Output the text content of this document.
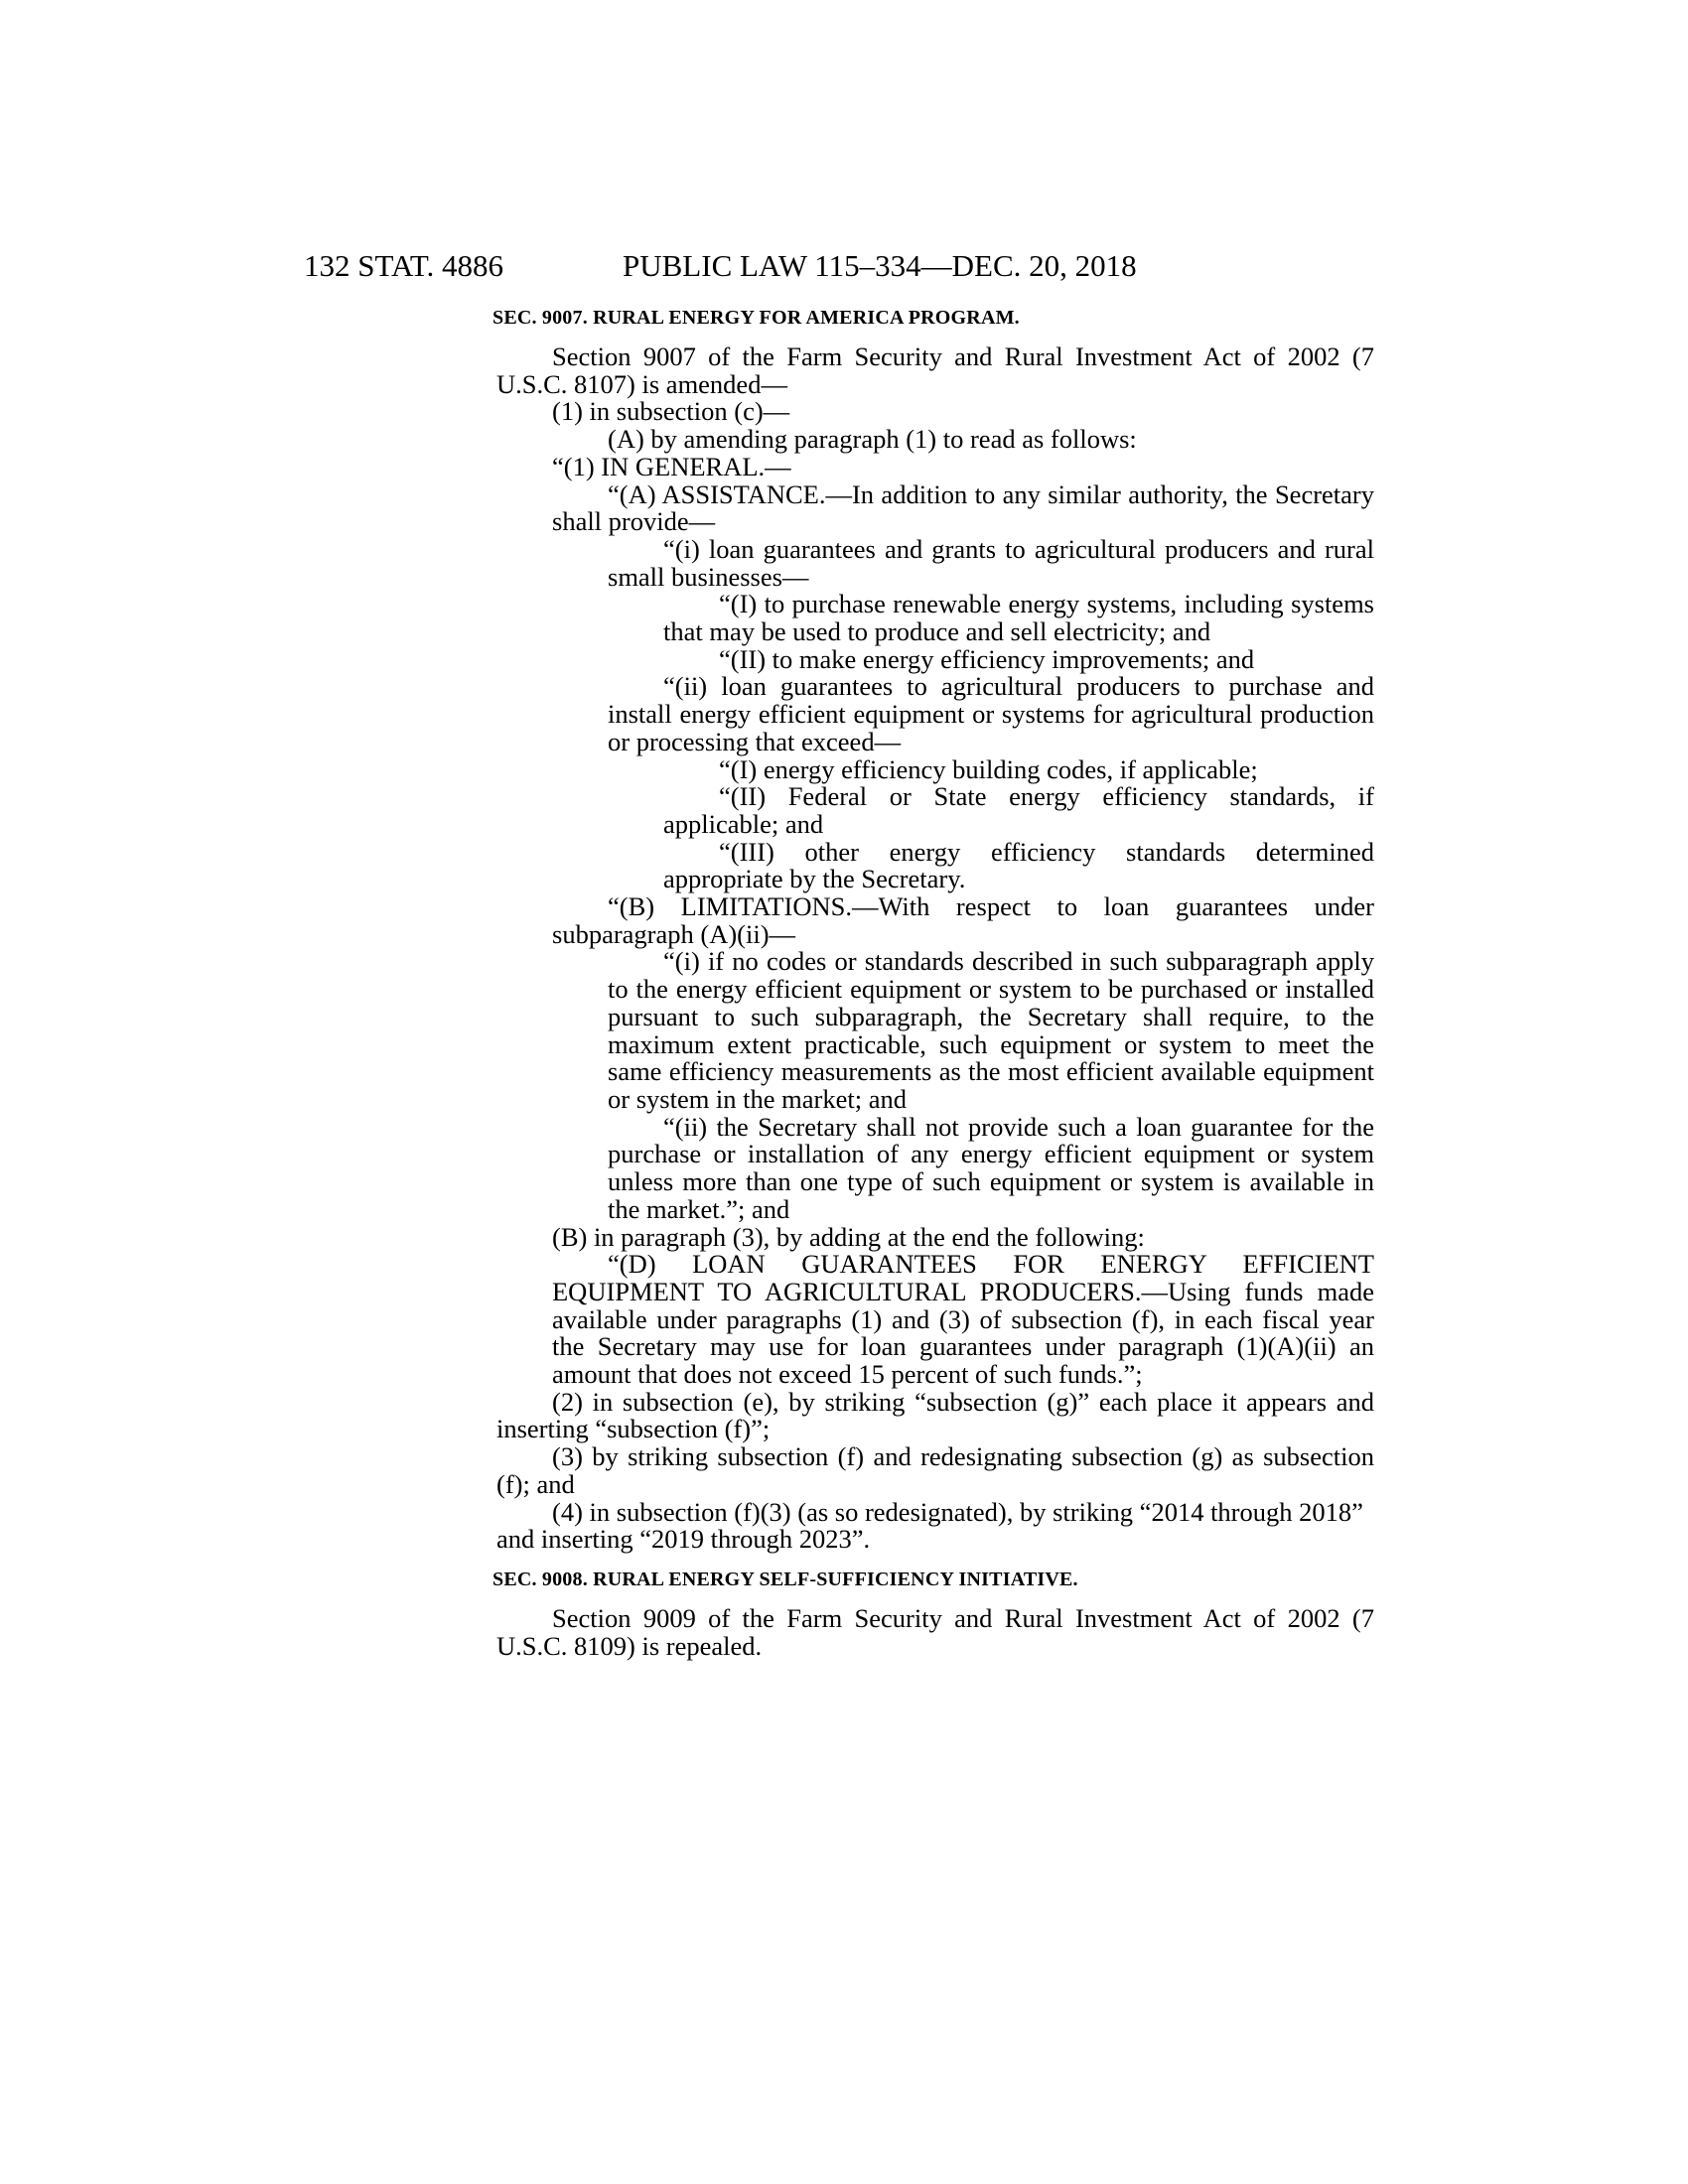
132 STAT. 4886	PUBLIC LAW 115–334—DEC. 20, 2018
SEC. 9007. RURAL ENERGY FOR AMERICA PROGRAM.

Section 9007 of the Farm Security and Rural Investment Act of 2002 (7 U.S.C. 8107) is amended—

(1) in subsection (c)—

(A) by amending paragraph (1) to read as follows:

“(1) IN GENERAL.—

“(A) ASSISTANCE.—In addition to any similar authority, the Secretary shall provide—

“(i) loan guarantees and grants to agricultural producers and rural small businesses—

“(I) to purchase renewable energy systems, including systems that may be used to produce and sell electricity; and

“(II) to make energy efficiency improvements; and

“(ii) loan guarantees to agricultural producers to purchase and install energy efficient equipment or systems for agricultural production or processing that exceed—

“(I) energy efficiency building codes, if applicable;

“(II) Federal or State energy efficiency standards, if applicable; and

“(III) other energy efficiency standards determined appropriate by the Secretary.

“(B) LIMITATIONS.—With respect to loan guarantees under subparagraph (A)(ii)—

“(i) if no codes or standards described in such subparagraph apply to the energy efficient equipment or system to be purchased or installed pursuant to such subparagraph, the Secretary shall require, to the maximum extent practicable, such equipment or system to meet the same efficiency measurements as the most efficient available equipment or system in the market; and

“(ii) the Secretary shall not provide such a loan guarantee for the purchase or installation of any energy efficient equipment or system unless more than one type of such equipment or system is available in the market.”; and

(B) in paragraph (3), by adding at the end the following:

“(D) LOAN GUARANTEES FOR ENERGY EFFICIENT EQUIPMENT TO AGRICULTURAL PRODUCERS.—Using funds made available under paragraphs (1) and (3) of subsection (f), in each fiscal year the Secretary may use for loan guarantees under paragraph (1)(A)(ii) an amount that does not exceed 15 percent of such funds.”;

(2) in subsection (e), by striking “subsection (g)” each place it appears and inserting “subsection (f)”;

(3) by striking subsection (f) and redesignating subsection (g) as subsection (f); and

(4) in subsection (f)(3) (as so redesignated), by striking “2014 through 2018” and inserting “2019 through 2023”.

SEC. 9008. RURAL ENERGY SELF-SUFFICIENCY INITIATIVE.

Section 9009 of the Farm Security and Rural Investment Act of 2002 (7 U.S.C. 8109) is repealed.
